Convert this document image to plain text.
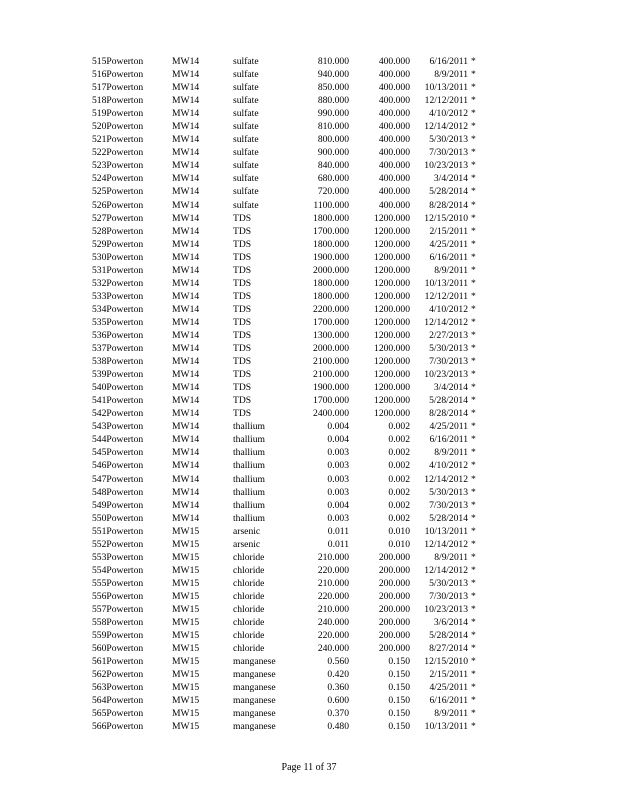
515Powerton	MW14	sulfate	810.000	400.000	6/16/2011 *
516Powerton	MW14	sulfate	940.000	400.000	8/9/2011 *
517Powerton	MW14	sulfate	850.000	400.000	10/13/2011 *
518Powerton	MW14	sulfate	880.000	400.000	12/12/2011 *
519Powerton	MW14	sulfate	990.000	400.000	4/10/2012 *
520Powerton	MW14	sulfate	810.000	400.000	12/14/2012 *
521Powerton	MW14	sulfate	800.000	400.000	5/30/2013 *
522Powerton	MW14	sulfate	900.000	400.000	7/30/2013 *
523Powerton	MW14	sulfate	840.000	400.000	10/23/2013 *
524Powerton	MW14	sulfate	680.000	400.000	3/4/2014 *
525Powerton	MW14	sulfate	720.000	400.000	5/28/2014 *
526Powerton	MW14	sulfate	1100.000	400.000	8/28/2014 *
527Powerton	MW14	TDS	1800.000	1200.000	12/15/2010 *
528Powerton	MW14	TDS	1700.000	1200.000	2/15/2011 *
529Powerton	MW14	TDS	1800.000	1200.000	4/25/2011 *
530Powerton	MW14	TDS	1900.000	1200.000	6/16/2011 *
531Powerton	MW14	TDS	2000.000	1200.000	8/9/2011 *
532Powerton	MW14	TDS	1800.000	1200.000	10/13/2011 *
533Powerton	MW14	TDS	1800.000	1200.000	12/12/2011 *
534Powerton	MW14	TDS	2200.000	1200.000	4/10/2012 *
535Powerton	MW14	TDS	1700.000	1200.000	12/14/2012 *
536Powerton	MW14	TDS	1300.000	1200.000	2/27/2013 *
537Powerton	MW14	TDS	2000.000	1200.000	5/30/2013 *
538Powerton	MW14	TDS	2100.000	1200.000	7/30/2013 *
539Powerton	MW14	TDS	2100.000	1200.000	10/23/2013 *
540Powerton	MW14	TDS	1900.000	1200.000	3/4/2014 *
541Powerton	MW14	TDS	1700.000	1200.000	5/28/2014 *
542Powerton	MW14	TDS	2400.000	1200.000	8/28/2014 *
543Powerton	MW14	thallium	0.004	0.002	4/25/2011 *
544Powerton	MW14	thallium	0.004	0.002	6/16/2011 *
545Powerton	MW14	thallium	0.003	0.002	8/9/2011 *
546Powerton	MW14	thallium	0.003	0.002	4/10/2012 *
547Powerton	MW14	thallium	0.003	0.002	12/14/2012 *
548Powerton	MW14	thallium	0.003	0.002	5/30/2013 *
549Powerton	MW14	thallium	0.004	0.002	7/30/2013 *
550Powerton	MW14	thallium	0.003	0.002	5/28/2014 *
551Powerton	MW15	arsenic	0.011	0.010	10/13/2011 *
552Powerton	MW15	arsenic	0.011	0.010	12/14/2012 *
553Powerton	MW15	chloride	210.000	200.000	8/9/2011 *
554Powerton	MW15	chloride	220.000	200.000	12/14/2012 *
555Powerton	MW15	chloride	210.000	200.000	5/30/2013 *
556Powerton	MW15	chloride	220.000	200.000	7/30/2013 *
557Powerton	MW15	chloride	210.000	200.000	10/23/2013 *
558Powerton	MW15	chloride	240.000	200.000	3/6/2014 *
559Powerton	MW15	chloride	220.000	200.000	5/28/2014 *
560Powerton	MW15	chloride	240.000	200.000	8/27/2014 *
561Powerton	MW15	manganese	0.560	0.150	12/15/2010 *
562Powerton	MW15	manganese	0.420	0.150	2/15/2011 *
563Powerton	MW15	manganese	0.360	0.150	4/25/2011 *
564Powerton	MW15	manganese	0.600	0.150	6/16/2011 *
565Powerton	MW15	manganese	0.370	0.150	8/9/2011 *
566Powerton	MW15	manganese	0.480	0.150	10/13/2011 *
Page 11 of 37
